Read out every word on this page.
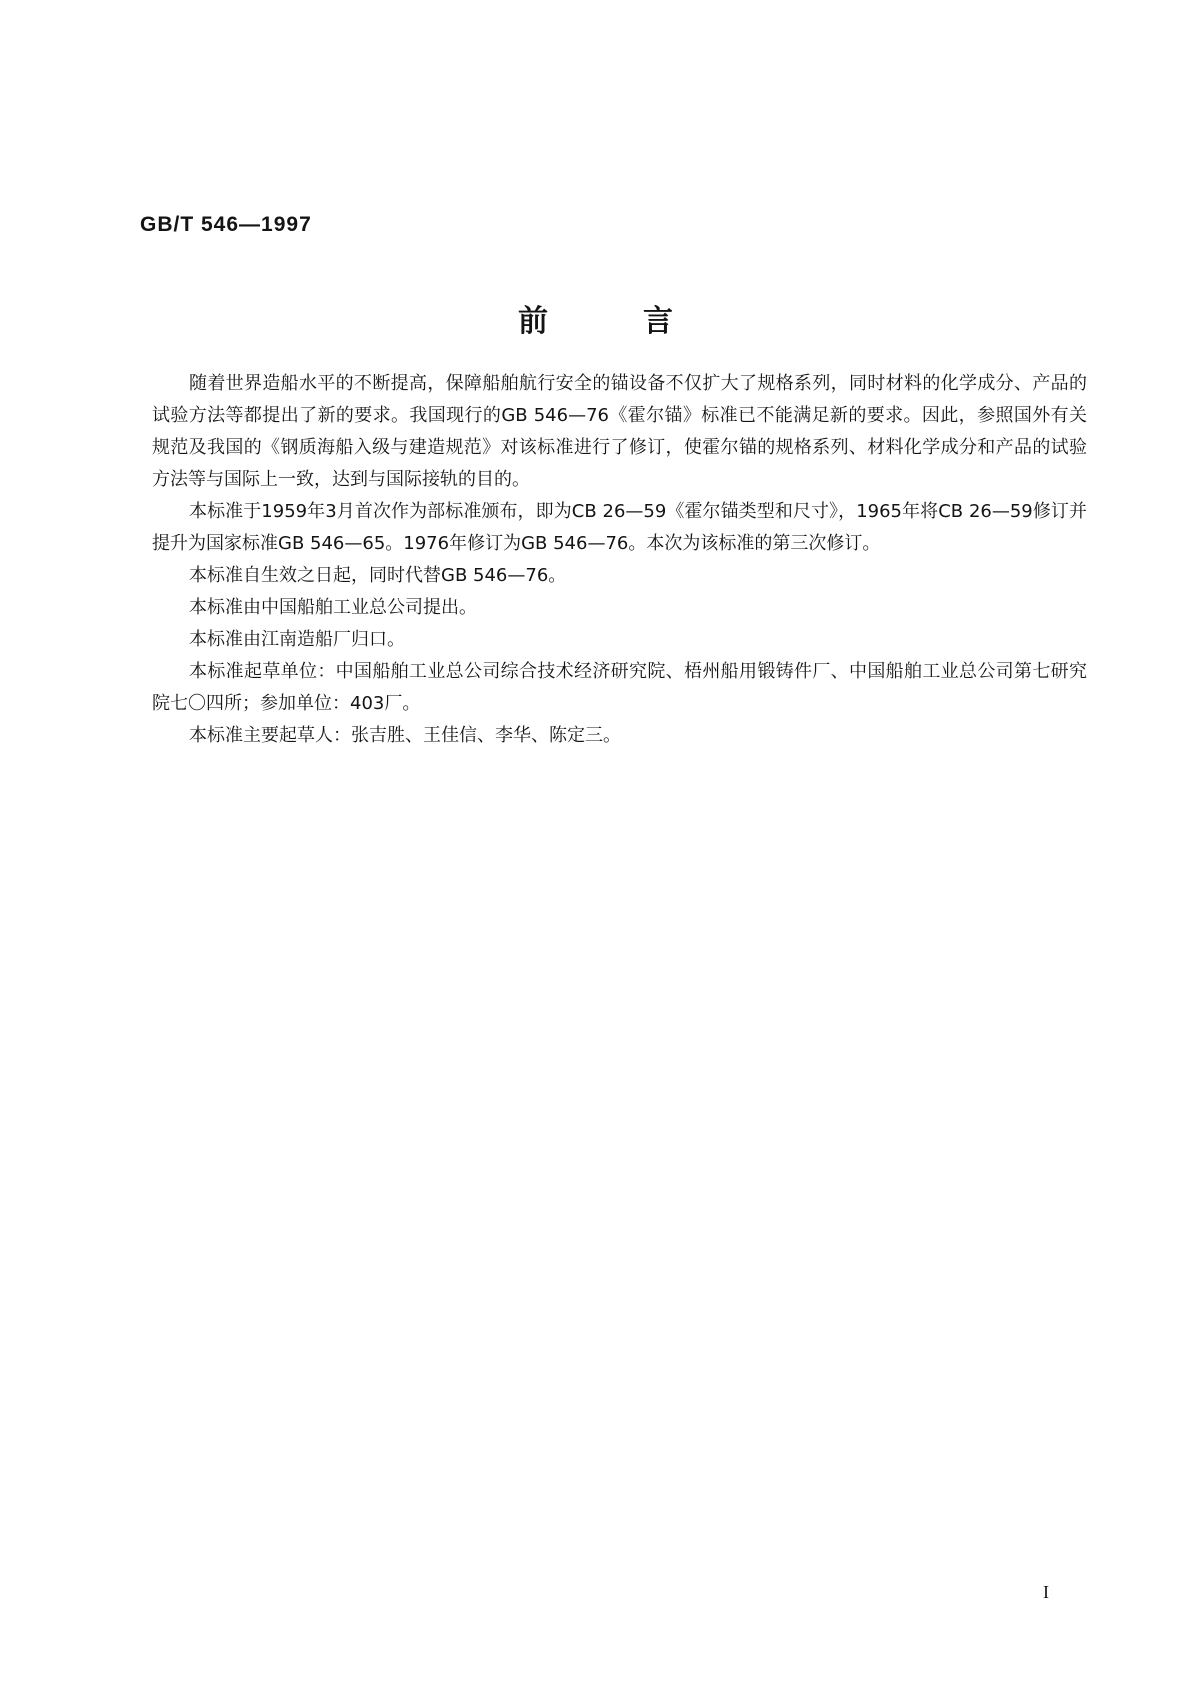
GB/T 546—1997
前	言

随着世界造船水平的不断提高，保障船舶航行安全的锚设备不仅扩大了规格系列，同时材料的化学成分、产品的试验方法等都提出了新的要求。我国现行的GB 546—76《霍尔锚》标准已不能满足新的要求。因此，参照国外有关规范及我国的《钢质海船入级与建造规范》对该标准进行了修订，使霍尔锚的规格系列、材料化学成分和产品的试验方法等与国际上一致，达到与国际接轨的目的。

本标准于1959年3月首次作为部标准颁布，即为CB 26—59《霍尔锚类型和尺寸》，1965年将CB 26—59修订并提升为国家标准GB 546—65。1976年修订为GB 546—76。本次为该标准的第三次修订。

本标准自生效之日起，同时代替GB 546—76。

本标准由中国船舶工业总公司提出。

本标准由江南造船厂归口。

本标准起草单位：中国船舶工业总公司综合技术经济研究院、梧州船用锻铸件厂、中国船舶工业总公司第七研究院七〇四所；参加单位：403厂。

本标准主要起草人：张吉胜、王佳信、李华、陈定三。

I
